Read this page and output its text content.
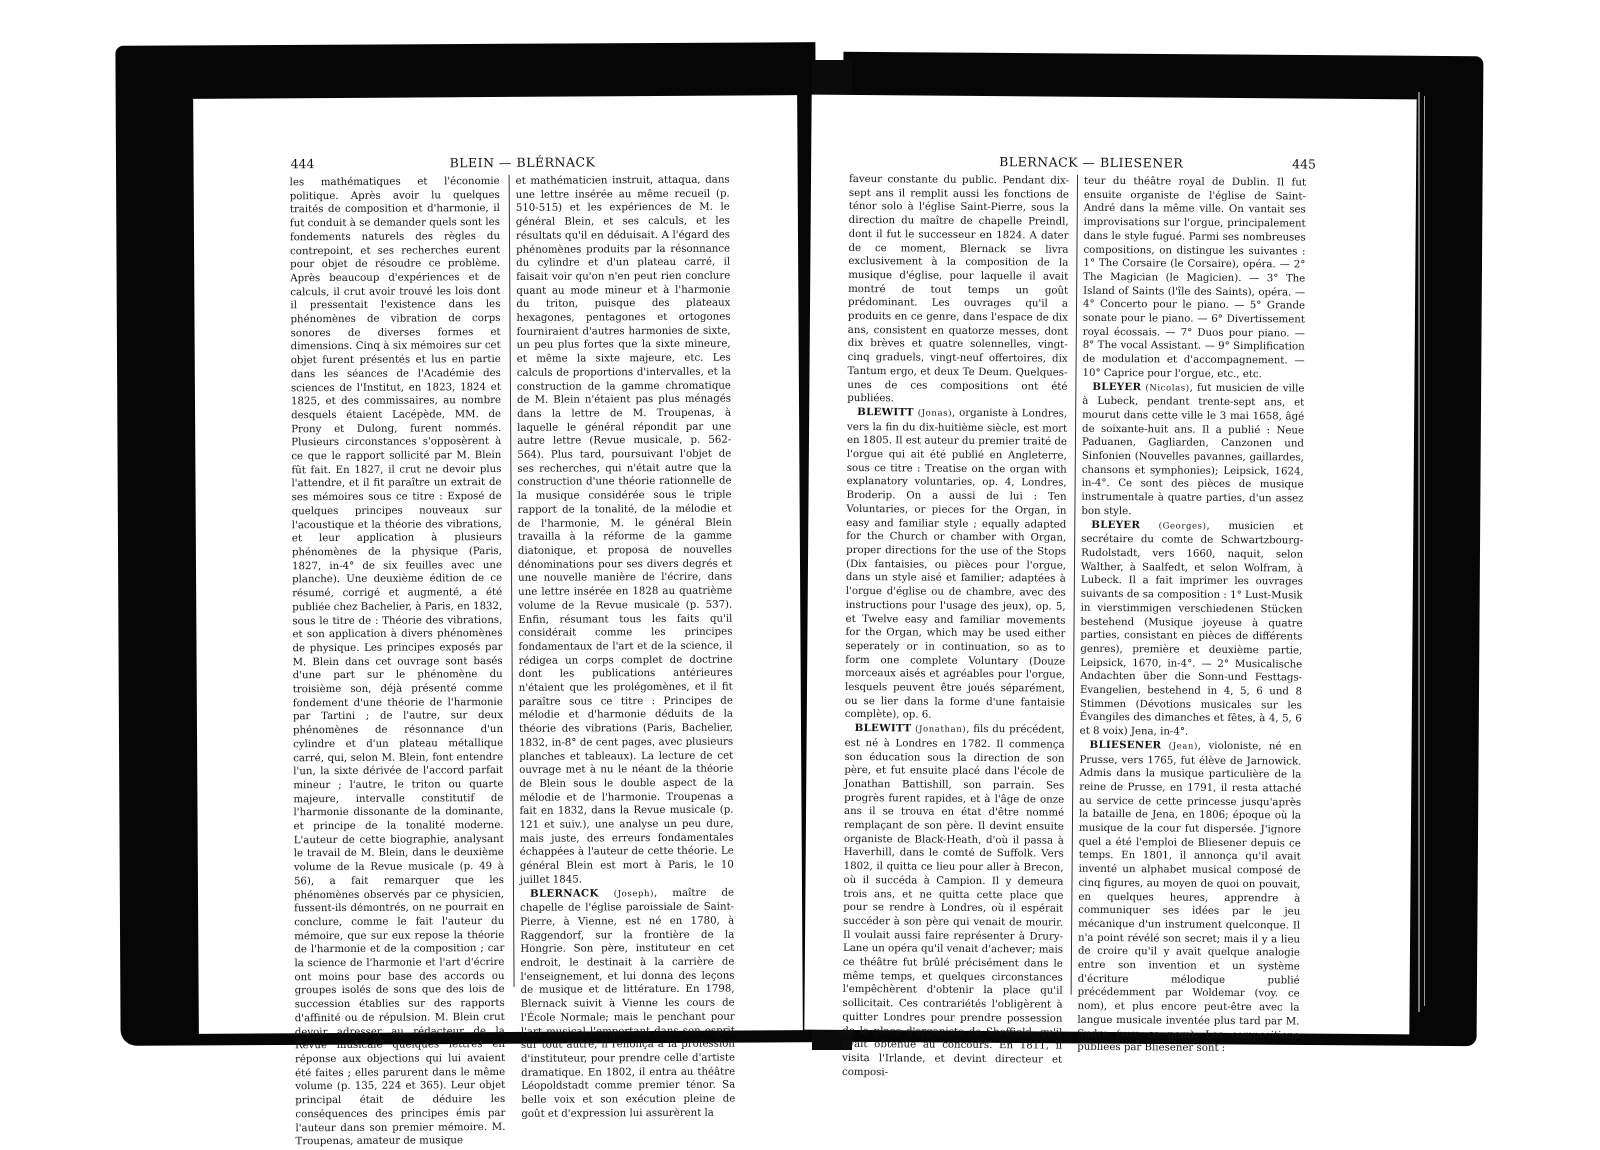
444	BLEIN — BLÉRNACK

les mathématiques et l'économie politique. Après avoir lu quelques traités de composition et d'harmonie, il fut conduit à se demander quels sont les fondements naturels des règles du contrepoint, et ses recherches eurent pour objet de résoudre ce problème. Après beaucoup d'expériences et de calculs, il crut avoir trouvé les lois dont il pressentait l'existence dans les phénomènes de vibration de corps sonores de diverses formes et dimensions. Cinq à six mémoires sur cet objet furent présentés et lus en partie dans les séances de l'Académie des sciences de l'Institut, en 1823, 1824 et 1825, et des commissaires, au nombre desquels étaient Lacépède, MM. de Prony et Dulong, furent nommés. Plusieurs circonstances s'opposèrent à ce que le rapport sollicité par M. Blein fût fait. En 1827, il crut ne devoir plus l'attendre, et il fit paraître un extrait de ses mémoires sous ce titre : Exposé de quelques principes nouveaux sur l'acoustique et la théorie des vibrations, et leur application à plusieurs phénomènes de la physique (Paris, 1827, in-4° de six feuilles avec une planche). Une deuxième édition de ce résumé, corrigé et augmenté, a été publiée chez Bachelier, à Paris, en 1832, sous le titre de : Théorie des vibrations, et son application à divers phénomènes de physique. Les principes exposés par M. Blein dans cet ouvrage sont basés d'une part sur le phénomène du troisième son, déjà présenté comme fondement d'une théorie de l'harmonie par Tartini ; de l'autre, sur deux phénomènes de résonnance d'un cylindre et d'un plateau métallique carré, qui, selon M. Blein, font entendre l'un, la sixte dérivée de l'accord parfait mineur ; l'autre, le triton ou quarte majeure, intervalle constitutif de l'harmonie dissonante de la dominante, et principe de la tonalité moderne. L'auteur de cette biographie, analysant le travail de M. Blein, dans le deuxième volume de la Revue musicale (p. 49 à 56), a fait remarquer que les phénomènes observés par ce physicien, fussent-ils démontrés, on ne pourrait en conclure, comme le fait l'auteur du mémoire, que sur eux repose la théorie de l'harmonie et de la composition ; car la science de l'harmonie et l'art d'écrire ont moins pour base des accords ou groupes isolés de sons que des lois de succession établies sur des rapports d'affinité ou de répulsion. M. Blein crut devoir adresser au rédacteur de la Revue musicale quelques lettres en réponse aux objections qui lui avaient été faites ; elles parurent dans le même volume (p. 135, 224 et 365). Leur objet principal était de déduire les conséquences des principes émis par l'auteur dans son premier mémoire. M. Troupenas, amateur de musique

et mathématicien instruit, attaqua, dans une lettre insérée au même recueil (p. 510-515) et les expériences de M. le général Blein, et ses calculs, et les résultats qu'il en déduisait. A l'égard des phénomènes produits par la résonnance du cylindre et d'un plateau carré, il faisait voir qu'on n'en peut rien conclure quant au mode mineur et à l'harmonie du triton, puisque des plateaux hexagones, pentagones et ortogones fourniraient d'autres harmonies de sixte, un peu plus fortes que la sixte mineure, et même la sixte majeure, etc. Les calculs de proportions d'intervalles, et la construction de la gamme chromatique de M. Blein n'étaient pas plus ménagés dans la lettre de M. Troupenas, à laquelle le général répondit par une autre lettre (Revue musicale, p. 562-564). Plus tard, poursuivant l'objet de ses recherches, qui n'était autre que la construction d'une théorie rationnelle de la musique considérée sous le triple rapport de la tonalité, de la mélodie et de l'harmonie, M. le général Blein travailla à la réforme de la gamme diatonique, et proposa de nouvelles dénominations pour ses divers degrés et une nouvelle manière de l'écrire, dans une lettre insérée en 1828 au quatrième volume de la Revue musicale (p. 537). Enfin, résumant tous les faits qu'il considérait comme les principes fondamentaux de l'art et de la science, il rédigea un corps complet de doctrine dont les publications antérieures n'étaient que les prolégomènes, et il fit paraître sous ce titre : Principes de mélodie et d'harmonie déduits de la théorie des vibrations (Paris, Bachelier, 1832, in-8° de cent pages, avec plusieurs planches et tableaux). La lecture de cet ouvrage met à nu le néant de la théorie de Blein sous le double aspect de la mélodie et de l'harmonie. Troupenas a fait en 1832, dans la Revue musicale (p. 121 et suiv.), une analyse un peu dure, mais juste, des erreurs fondamentales échappées à l'auteur de cette théorie. Le général Blein est mort à Paris, le 10 juillet 1845.

BLERNACK (Joseph), maître de chapelle de l'église paroissiale de Saint-Pierre, à Vienne, est né en 1780, à Raggendorf, sur la frontière de la Hongrie. Son père, instituteur en cet endroit, le destinait à la carrière de l'enseignement, et lui donna des leçons de musique et de littérature. En 1798, Blernack suivit à Vienne les cours de l'École Normale; mais le penchant pour l'art musical l'emportant dans son esprit sur tout autre, il renonça à la profession d'instituteur, pour prendre celle d'artiste dramatique. En 1802, il entra au théâtre Léopoldstadt comme premier ténor. Sa belle voix et son exécution pleine de goût et d'expression lui assurèrent la

BLERNACK — BLIESENER	445

faveur constante du public. Pendant dix-sept ans il remplit aussi les fonctions de ténor solo à l'église Saint-Pierre, sous la direction du maître de chapelle Preindl, dont il fut le successeur en 1824. A dater de ce moment, Blernack se livra exclusivement à la composition de la musique d'église, pour laquelle il avait montré de tout temps un goût prédominant. Les ouvrages qu'il a produits en ce genre, dans l'espace de dix ans, consistent en quatorze messes, dont dix brèves et quatre solennelles, vingt-cinq graduels, vingt-neuf offertoires, dix Tantum ergo, et deux Te Deum. Quelques-unes de ces compositions ont été publiées.

BLEWITT (Jonas), organiste à Londres, vers la fin du dix-huitième siècle, est mort en 1805. Il est auteur du premier traité de l'orgue qui ait été publié en Angleterre, sous ce titre : Treatise on the organ with explanatory voluntaries, op. 4, Londres, Broderip. On a aussi de lui : Ten Voluntaries, or pieces for the Organ, in easy and familiar style ; equally adapted for the Church or chamber with Organ, proper directions for the use of the Stops (Dix fantaisies, ou pièces pour l'orgue, dans un style aisé et familier; adaptées à l'orgue d'église ou de chambre, avec des instructions pour l'usage des jeux), op. 5, et Twelve easy and familiar movements for the Organ, which may be used either seperately or in continuation, so as to form one complete Voluntary (Douze morceaux aisés et agréables pour l'orgue, lesquels peuvent être joués séparément, ou se lier dans la forme d'une fantaisie complète), op. 6.

BLEWITT (Jonathan), fils du précédent, est né à Londres en 1782. Il commença son éducation sous la direction de son père, et fut ensuite placé dans l'école de Jonathan Battishill, son parrain. Ses progrès furent rapides, et à l'âge de onze ans il se trouva en état d'être nommé remplaçant de son père. Il devint ensuite organiste de Black-Heath, d'où il passa à Haverhill, dans le comté de Suffolk. Vers 1802, il quitta ce lieu pour aller à Brecon, où il succéda à Campion. Il y demeura trois ans, et ne quitta cette place que pour se rendre à Londres, où il espérait succéder à son père qui venait de mourir. Il voulait aussi faire représenter à Drury-Lane un opéra qu'il venait d'achever; mais ce théâtre fut brûlé précisément dans le même temps, et quelques circonstances l'empêchèrent d'obtenir la place qu'il sollicitait. Ces contrariétés l'obligèrent à quitter Londres pour prendre possession de la place d'organiste de Sheffield, qu'il avait obtenue au concours. En 1811, il visita l'Irlande, et devint directeur et composi-

teur du théâtre royal de Dublin. Il fut ensuite organiste de l'église de Saint-André dans la même ville. On vantait ses improvisations sur l'orgue, principalement dans le style fugué. Parmi ses nombreuses compositions, on distingue les suivantes : 1° The Corsaire (le Corsaire), opéra. — 2° The Magician (le Magicien). — 3° The Island of Saints (l'île des Saints), opéra. — 4° Concerto pour le piano. — 5° Grande sonate pour le piano. — 6° Divertissement royal écossais. — 7° Duos pour piano. — 8° The vocal Assistant. — 9° Simplification de modulation et d'accompagnement. — 10° Caprice pour l'orgue, etc., etc.

BLEYER (Nicolas), fut musicien de ville à Lubeck, pendant trente-sept ans, et mourut dans cette ville le 3 mai 1658, âgé de soixante-huit ans. Il a publié : Neue Paduanen, Gagliarden, Canzonen und Sinfonien (Nouvelles pavannes, gaillardes, chansons et symphonies); Leipsick, 1624, in-4°. Ce sont des pièces de musique instrumentale à quatre parties, d'un assez bon style.

BLEYER (Georges), musicien et secrétaire du comte de Schwartzbourg-Rudolstadt, vers 1660, naquit, selon Walther, à Saalfedt, et selon Wolfram, à Lubeck. Il a fait imprimer les ouvrages suivants de sa composition : 1° Lust-Musik in vierstimmigen verschiedenen Stücken bestehend (Musique joyeuse à quatre parties, consistant en pièces de différents genres), première et deuxième partie, Leipsick, 1670, in-4°. — 2° Musicalische Andachten über die Sonn-und Festtags-Evangelien, bestehend in 4, 5, 6 und 8 Stimmen (Dévotions musicales sur les Évangiles des dimanches et fêtes, à 4, 5, 6 et 8 voix) Jena, in-4°.

BLIESENER (Jean), violoniste, né en Prusse, vers 1765, fut élève de Jarnowick. Admis dans la musique particulière de la reine de Prusse, en 1791, il resta attaché au service de cette princesse jusqu'après la bataille de Jena, en 1806; époque où la musique de la cour fut dispersée. J'ignore quel a été l'emploi de Bliesener depuis ce temps. En 1801, il annonça qu'il avait inventé un alphabet musical composé de cinq figures, au moyen de quoi on pouvait, en quelques heures, apprendre à communiquer ses idées par le jeu mécanique d'un instrument quelconque. Il n'a point révélé son secret; mais il y a lieu de croire qu'il y avait quelque analogie entre son invention et un système d'écriture mélodique publié précédemment par Woldemar (voy. ce nom), et plus encore peut-être avec la langue musicale inventée plus tard par M. Sudre (voy. ce nom). Les compositions publiées par Bliesener sont :
